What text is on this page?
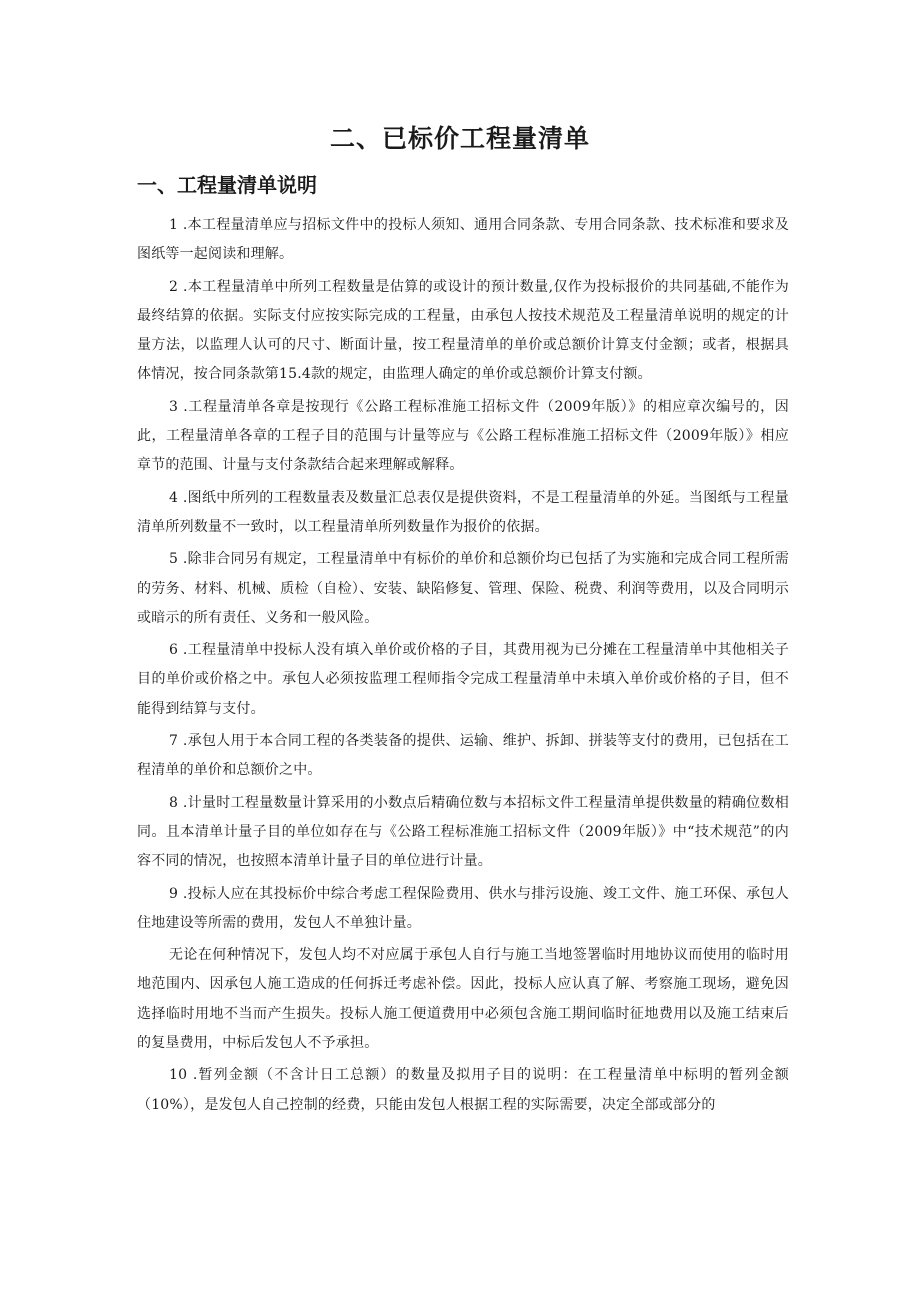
二、已标价工程量清单
一、工程量清单说明

1 .本工程量清单应与招标文件中的投标人须知、通用合同条款、专用合同条款、技术标准和要求及图纸等一起阅读和理解。

2 .本工程量清单中所列工程数量是估算的或设计的预计数量,仅作为投标报价的共同基础,不能作为最终结算的依据。实际支付应按实际完成的工程量，由承包人按技术规范及工程量清单说明的规定的计量方法，以监理人认可的尺寸、断面计量，按工程量清单的单价或总额价计算支付金额；或者，根据具体情况，按合同条款第15.4款的规定，由监理人确定的单价或总额价计算支付额。

3 .工程量清单各章是按现行《公路工程标准施工招标文件（2009年版）》的相应章次编号的，因此，工程量清单各章的工程子目的范围与计量等应与《公路工程标准施工招标文件（2009年版）》相应章节的范围、计量与支付条款结合起来理解或解释。

4 .图纸中所列的工程数量表及数量汇总表仅是提供资料，不是工程量清单的外延。当图纸与工程量清单所列数量不一致时，以工程量清单所列数量作为报价的依据。

5 .除非合同另有规定，工程量清单中有标价的单价和总额价均已包括了为实施和完成合同工程所需的劳务、材料、机械、质检（自检）、安装、缺陷修复、管理、保险、税费、利润等费用，以及合同明示或暗示的所有责任、义务和一般风险。

6 .工程量清单中投标人没有填入单价或价格的子目，其费用视为已分摊在工程量清单中其他相关子目的单价或价格之中。承包人必须按监理工程师指令完成工程量清单中未填入单价或价格的子目，但不能得到结算与支付。

7 .承包人用于本合同工程的各类装备的提供、运输、维护、拆卸、拼装等支付的费用，已包括在工程清单的单价和总额价之中。

8 .计量时工程量数量计算采用的小数点后精确位数与本招标文件工程量清单提供数量的精确位数相同。且本清单计量子目的单位如存在与《公路工程标准施工招标文件（2009年版）》中“技术规范”的内容不同的情况，也按照本清单计量子目的单位进行计量。

9 .投标人应在其投标价中综合考虑工程保险费用、供水与排污设施、竣工文件、施工环保、承包人住地建设等所需的费用，发包人不单独计量。

无论在何种情况下，发包人均不对应属于承包人自行与施工当地签署临时用地协议而使用的临时用地范围内、因承包人施工造成的任何拆迁考虑补偿。因此，投标人应认真了解、考察施工现场，避免因选择临时用地不当而产生损失。投标人施工便道费用中必须包含施工期间临时征地费用以及施工结束后的复垦费用，中标后发包人不予承担。

10 .暂列金额（不含计日工总额）的数量及拟用子目的说明：在工程量清单中标明的暂列金额（10%），是发包人自己控制的经费，只能由发包人根据工程的实际需要，决定全部或部分的
